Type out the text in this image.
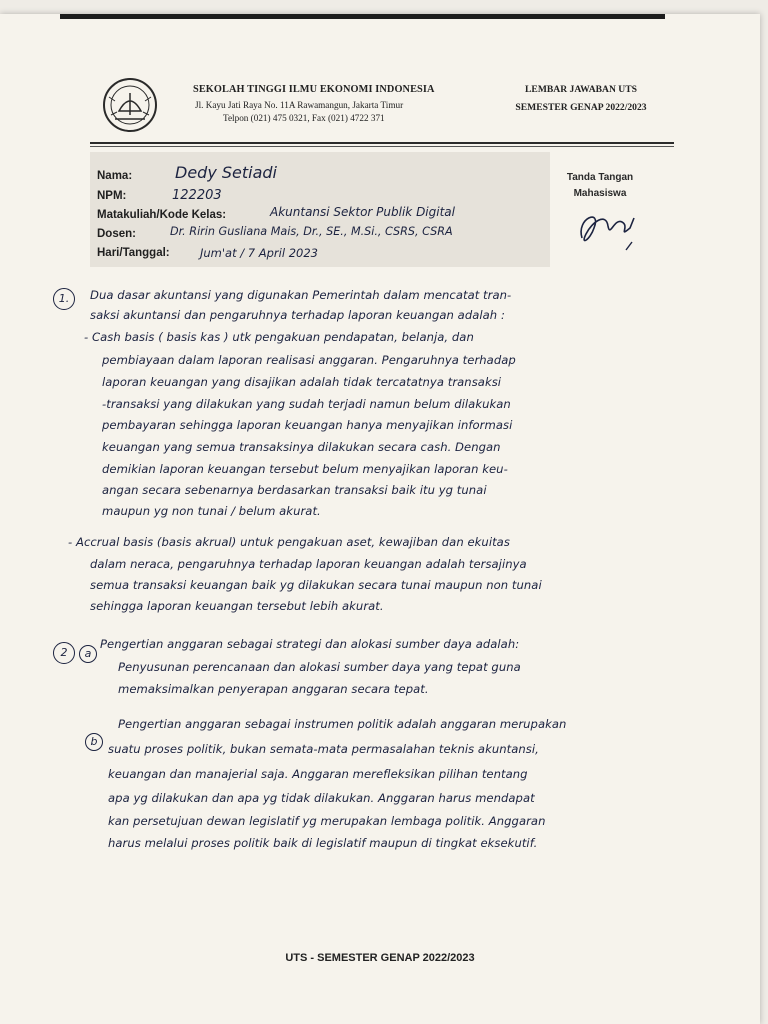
SEKOLAH TINGGI ILMU EKONOMI INDONESIA
Jl. Kayu Jati Raya No. 11A Rawamangun, Jakarta Timur
Telpon (021) 475 0321, Fax (021) 4722 371
LEMBAR JAWABAN UTS
SEMESTER GENAP 2022/2023
Nama:
NPM:
Matakuliah/Kode Kelas:
Dosen:
Hari/Tanggal:
Dedy Setiadi
122203
Akuntansi Sektor Publik Digital
Dr. Ririn Gusliana Mais, Dr., SE., M.Si., CSRS, CSRA
Jum'at / 7 April 2023
Tanda Tangan
Mahasiswa
1.	Dua dasar akuntansi yang digunakan Pemerintah dalam mencatat tran-
saksi akuntansi dan pengaruhnya terhadap laporan keuangan adalah :
- Cash basis ( basis kas ) utk pengakuan pendapatan, belanja, dan
pembiayaan dalam laporan realisasi anggaran. Pengaruhnya terhadap
laporan keuangan yang disajikan adalah tidak tercatatnya transaksi
-transaksi yang dilakukan yang sudah terjadi namun belum dilakukan
pembayaran sehingga laporan keuangan hanya menyajikan informasi
keuangan yang semua transaksinya dilakukan secara cash. Dengan
demikian laporan keuangan tersebut belum menyajikan laporan keu-
angan secara sebenarnya berdasarkan transaksi baik itu yg tunai
maupun yg non tunai / belum akurat.
- Accrual basis (basis akrual) untuk pengakuan aset, kewajiban dan ekuitas
dalam neraca, pengaruhnya terhadap laporan keuangan adalah tersajinya
semua transaksi keuangan baik yg dilakukan secara tunai maupun non tunai
sehingga laporan keuangan tersebut lebih akurat.
2	a
Pengertian anggaran sebagai strategi dan alokasi sumber daya adalah:
Penyusunan perencanaan dan alokasi sumber daya yang tepat guna
memaksimalkan penyerapan anggaran secara tepat.
b
Pengertian anggaran sebagai instrumen politik adalah anggaran merupakan
suatu proses politik, bukan semata-mata permasalahan teknis akuntansi,
keuangan dan manajerial saja. Anggaran merefleksikan pilihan tentang
apa yg dilakukan dan apa yg tidak dilakukan. Anggaran harus mendapat
kan persetujuan dewan legislatif yg merupakan lembaga politik. Anggaran
harus melalui proses politik baik di legislatif maupun di tingkat eksekutif.
UTS - SEMESTER GENAP 2022/2023
